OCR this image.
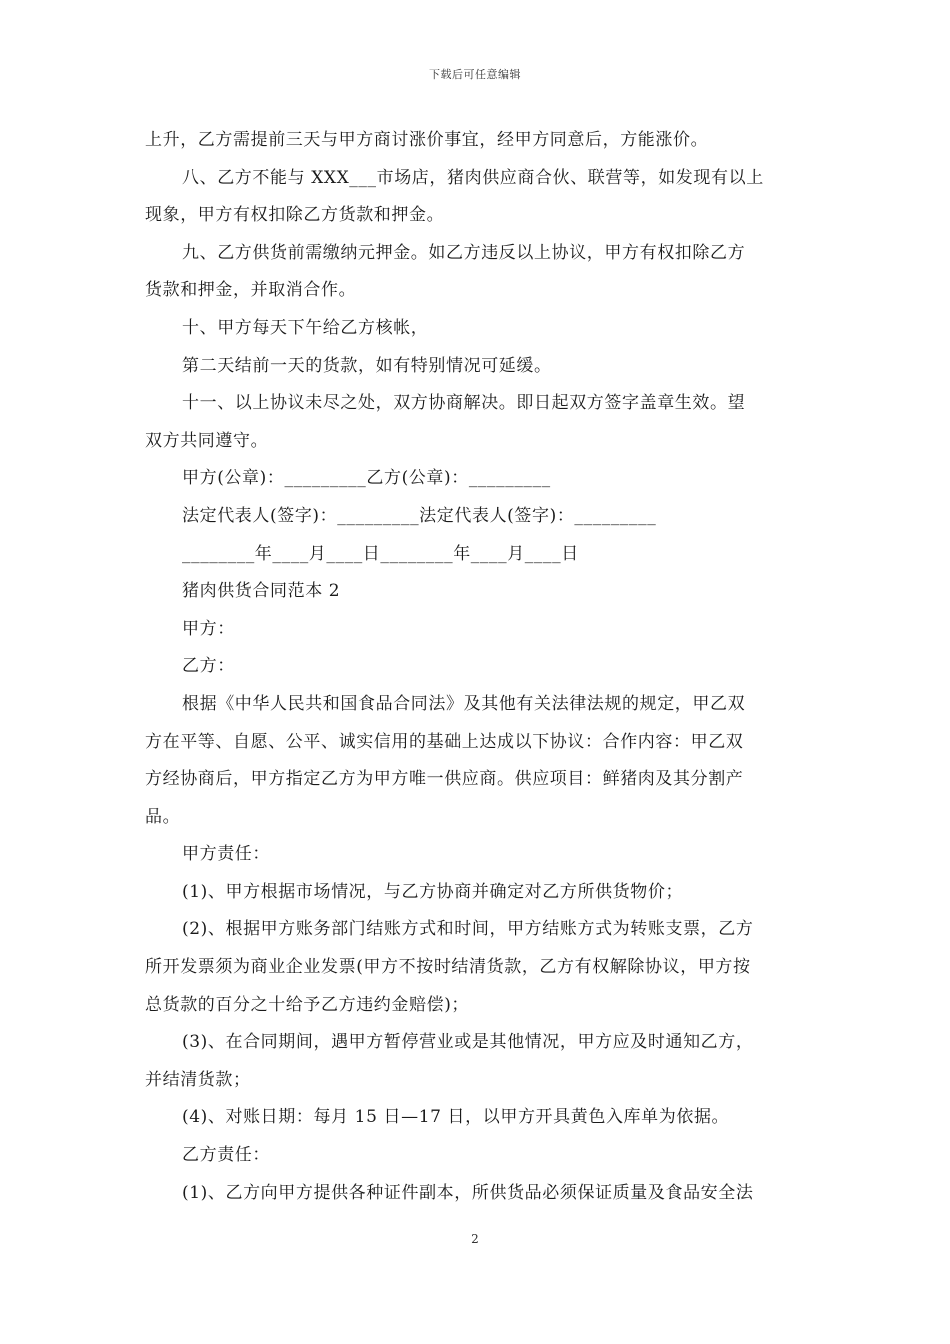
下载后可任意编辑
上升，乙方需提前三天与甲方商讨涨价事宜，经甲方同意后，方能涨价。
八、乙方不能与 XXX___市场店，猪肉供应商合伙、联营等，如发现有以上
现象，甲方有权扣除乙方货款和押金。
九、乙方供货前需缴纳元押金。如乙方违反以上协议，甲方有权扣除乙方
货款和押金，并取消合作。
十、甲方每天下午给乙方核帐，
第二天结前一天的货款，如有特别情况可延缓。
十一、以上协议未尽之处，双方协商解决。即日起双方签字盖章生效。望
双方共同遵守。
甲方(公章)：_________乙方(公章)：_________
法定代表人(签字)：_________法定代表人(签字)：_________
________年____月____日________年____月____日
猪肉供货合同范本 2
甲方：
乙方：
根据《中华人民共和国食品合同法》及其他有关法律法规的规定，甲乙双
方在平等、自愿、公平、诚实信用的基础上达成以下协议：合作内容：甲乙双
方经协商后，甲方指定乙方为甲方唯一供应商。供应项目：鲜猪肉及其分割产
品。
甲方责任：
(1)、甲方根据市场情况，与乙方协商并确定对乙方所供货物价；
(2)、根据甲方账务部门结账方式和时间，甲方结账方式为转账支票，乙方
所开发票须为商业企业发票(甲方不按时结清货款，乙方有权解除协议，甲方按
总货款的百分之十给予乙方违约金赔偿)；
(3)、在合同期间，遇甲方暂停营业或是其他情况，甲方应及时通知乙方，
并结清货款；
(4)、对账日期：每月 15 日—17 日，以甲方开具黄色入库单为依据。
乙方责任：
(1)、乙方向甲方提供各种证件副本，所供货品必须保证质量及食品安全法
2
